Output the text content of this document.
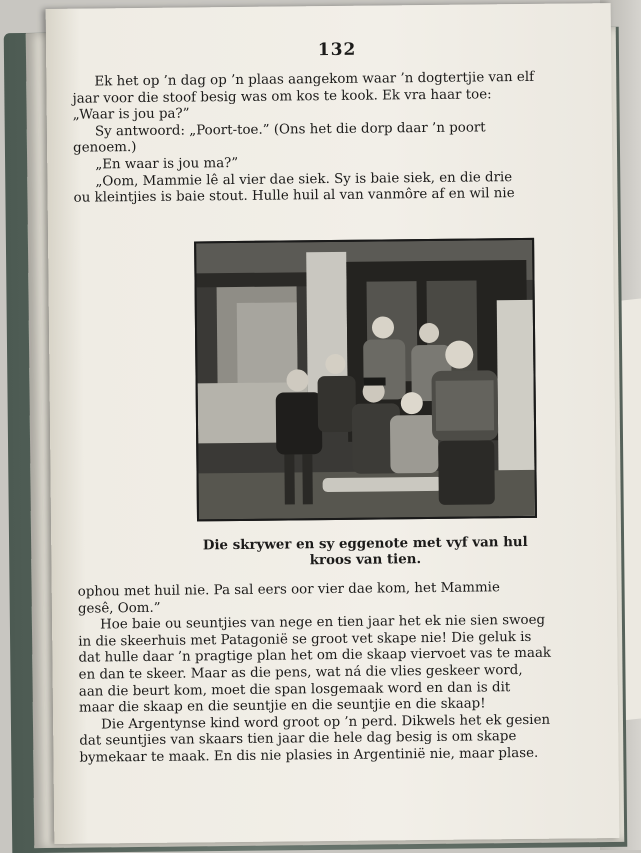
132
Ek het op ’n dag op ’n plaas aangekom waar ’n dogtertjie van elf
jaar voor die stoof besig was om kos te kook. Ek vra haar toe:
„Waar is jou pa?”
Sy antwoord: „Poort-toe.” (Ons het die dorp daar ’n poort
genoem.)
„En waar is jou ma?”
„Oom, Mammie lê al vier dae siek. Sy is baie siek, en die drie
ou kleintjies is baie stout. Hulle huil al van vanmôre af en wil nie
Die skrywer en sy eggenote met vyf van hul
kroos van tien.
ophou met huil nie. Pa sal eers oor vier dae kom, het Mammie
gesê, Oom.”
Hoe baie ou seuntjies van nege en tien jaar het ek nie sien swoeg
in die skeerhuis met Patagonië se groot vet skape nie! Die geluk is
dat hulle daar ’n pragtige plan het om die skaap viervoet vas te maak
en dan te skeer. Maar as die pens, wat ná die vlies geskeer word,
aan die beurt kom, moet die span losgemaak word en dan is dit
maar die skaap en die seuntjie en die seuntjie en die skaap!
Die Argentynse kind word groot op ’n perd. Dikwels het ek gesien
dat seuntjies van skaars tien jaar die hele dag besig is om skape
bymekaar te maak. En dis nie plasies in Argentinië nie, maar plase.
